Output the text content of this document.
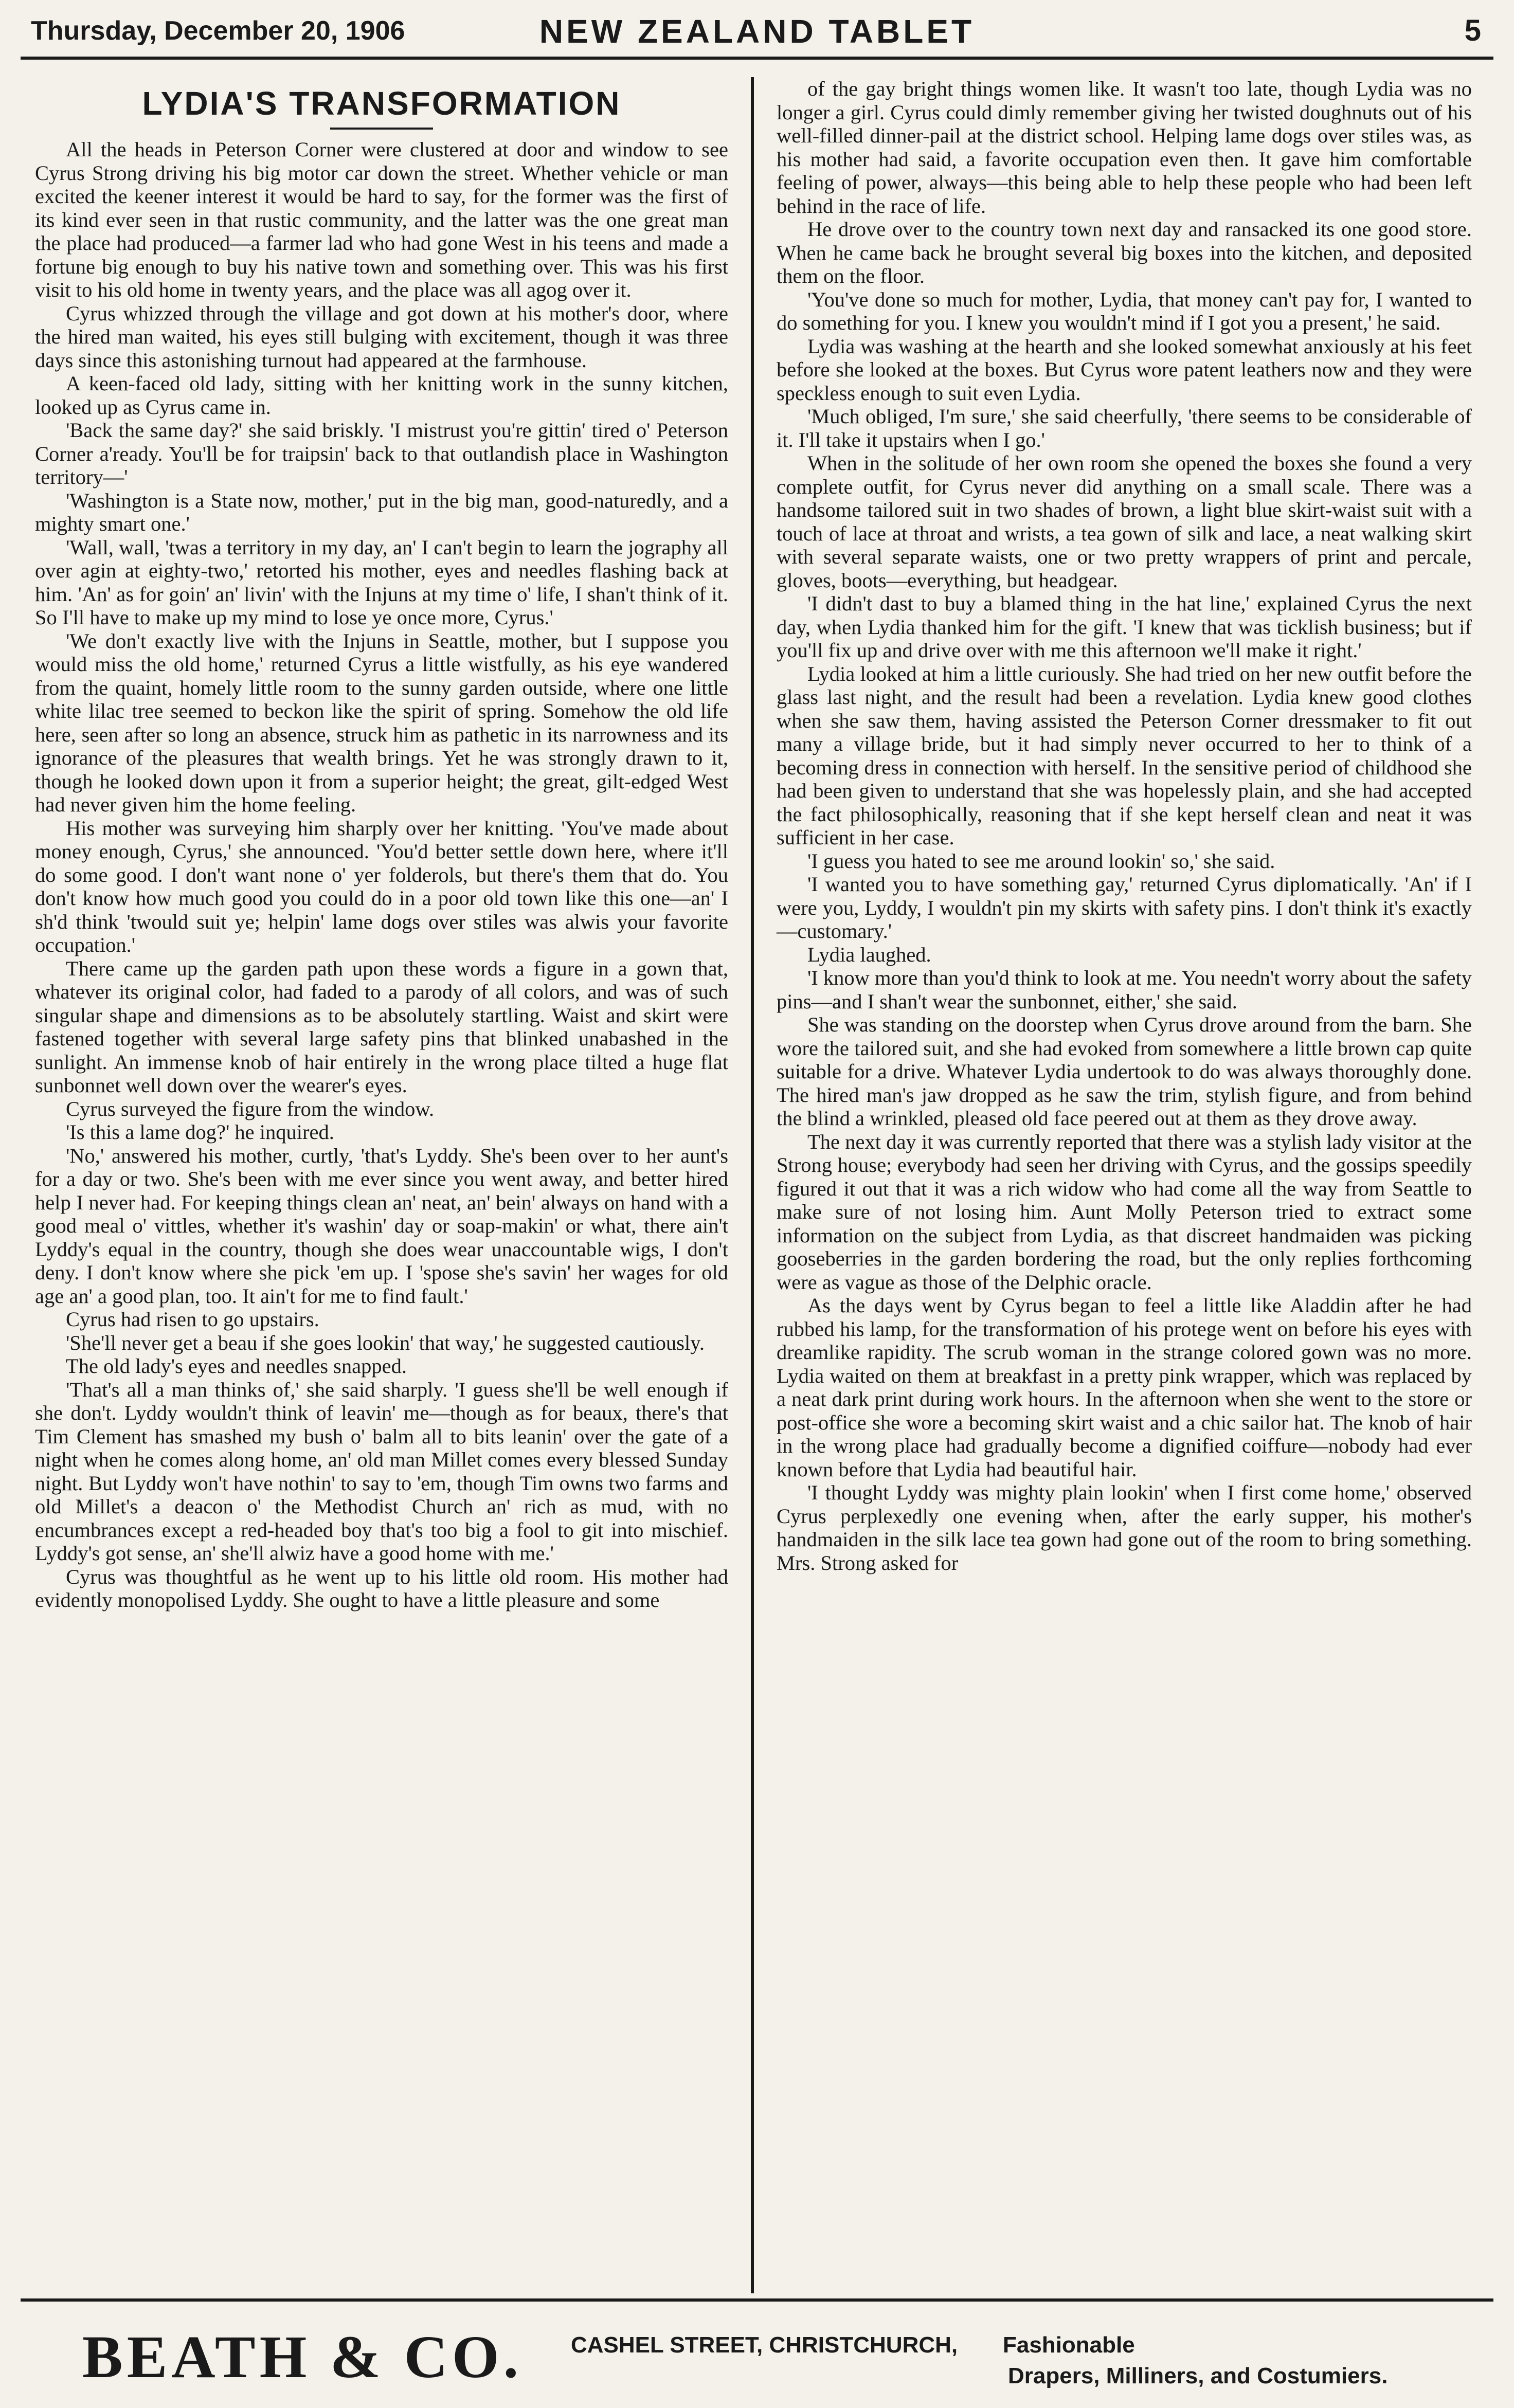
Thursday, December 20, 1906	NEW ZEALAND TABLET	5
LYDIA'S TRANSFORMATION

All the heads in Peterson Corner were clustered at door and window to see Cyrus Strong driving his big motor car down the street. Whether vehicle or man excited the keener interest it would be hard to say, for the former was the first of its kind ever seen in that rustic community, and the latter was the one great man the place had produced—a farmer lad who had gone West in his teens and made a fortune big enough to buy his native town and something over. This was his first visit to his old home in twenty years, and the place was all agog over it.

Cyrus whizzed through the village and got down at his mother's door, where the hired man waited, his eyes still bulging with excitement, though it was three days since this astonishing turnout had appeared at the farmhouse.

A keen-faced old lady, sitting with her knitting work in the sunny kitchen, looked up as Cyrus came in.

'Back the same day?' she said briskly. 'I mistrust you're gittin' tired o' Peterson Corner a'ready. You'll be for traipsin' back to that outlandish place in Washington territory—'

'Washington is a State now, mother,' put in the big man, good-naturedly, and a mighty smart one.'

'Wall, wall, 'twas a territory in my day, an' I can't begin to learn the jography all over agin at eighty-two,' retorted his mother, eyes and needles flashing back at him. 'An' as for goin' an' livin' with the Injuns at my time o' life, I shan't think of it. So I'll have to make up my mind to lose ye once more, Cyrus.'

'We don't exactly live with the Injuns in Seattle, mother, but I suppose you would miss the old home,' returned Cyrus a little wistfully, as his eye wandered from the quaint, homely little room to the sunny garden outside, where one little white lilac tree seemed to beckon like the spirit of spring. Somehow the old life here, seen after so long an absence, struck him as pathetic in its narrowness and its ignorance of the pleasures that wealth brings. Yet he was strongly drawn to it, though he looked down upon it from a superior height; the great, gilt-edged West had never given him the home feeling.

His mother was surveying him sharply over her knitting. 'You've made about money enough, Cyrus,' she announced. 'You'd better settle down here, where it'll do some good. I don't want none o' yer folderols, but there's them that do. You don't know how much good you could do in a poor old town like this one—an' I sh'd think 'twould suit ye; helpin' lame dogs over stiles was alwis your favorite occupation.'

There came up the garden path upon these words a figure in a gown that, whatever its original color, had faded to a parody of all colors, and was of such singular shape and dimensions as to be absolutely startling. Waist and skirt were fastened together with several large safety pins that blinked unabashed in the sunlight. An immense knob of hair entirely in the wrong place tilted a huge flat sunbonnet well down over the wearer's eyes.

Cyrus surveyed the figure from the window.

'Is this a lame dog?' he inquired.

'No,' answered his mother, curtly, 'that's Lyddy. She's been over to her aunt's for a day or two. She's been with me ever since you went away, and better hired help I never had. For keeping things clean an' neat, an' bein' always on hand with a good meal o' vittles, whether it's washin' day or soap-makin' or what, there ain't Lyddy's equal in the country, though she does wear unaccountable wigs, I don't deny. I don't know where she pick 'em up. I 'spose she's savin' her wages for old age an' a good plan, too. It ain't for me to find fault.'

Cyrus had risen to go upstairs.

'She'll never get a beau if she goes lookin' that way,' he suggested cautiously.

The old lady's eyes and needles snapped.

'That's all a man thinks of,' she said sharply. 'I guess she'll be well enough if she don't. Lyddy wouldn't think of leavin' me—though as for beaux, there's that Tim Clement has smashed my bush o' balm all to bits leanin' over the gate of a night when he comes along home, an' old man Millet comes every blessed Sunday night. But Lyddy won't have nothin' to say to 'em, though Tim owns two farms and old Millet's a deacon o' the Methodist Church an' rich as mud, with no encumbrances except a red-headed boy that's too big a fool to git into mischief. Lyddy's got sense, an' she'll alwiz have a good home with me.'

Cyrus was thoughtful as he went up to his little old room. His mother had evidently monopolised Lyddy. She ought to have a little pleasure and some

of the gay bright things women like. It wasn't too late, though Lydia was no longer a girl. Cyrus could dimly remember giving her twisted doughnuts out of his well-filled dinner-pail at the district school. Helping lame dogs over stiles was, as his mother had said, a favorite occupation even then. It gave him comfortable feeling of power, always—this being able to help these people who had been left behind in the race of life.

He drove over to the country town next day and ransacked its one good store. When he came back he brought several big boxes into the kitchen, and deposited them on the floor.

'You've done so much for mother, Lydia, that money can't pay for, I wanted to do something for you. I knew you wouldn't mind if I got you a present,' he said.

Lydia was washing at the hearth and she looked somewhat anxiously at his feet before she looked at the boxes. But Cyrus wore patent leathers now and they were speckless enough to suit even Lydia.

'Much obliged, I'm sure,' she said cheerfully, 'there seems to be considerable of it. I'll take it upstairs when I go.'

When in the solitude of her own room she opened the boxes she found a very complete outfit, for Cyrus never did anything on a small scale. There was a handsome tailored suit in two shades of brown, a light blue skirt-waist suit with a touch of lace at throat and wrists, a tea gown of silk and lace, a neat walking skirt with several separate waists, one or two pretty wrappers of print and percale, gloves, boots—everything, but headgear.

'I didn't dast to buy a blamed thing in the hat line,' explained Cyrus the next day, when Lydia thanked him for the gift. 'I knew that was ticklish business; but if you'll fix up and drive over with me this afternoon we'll make it right.'

Lydia looked at him a little curiously. She had tried on her new outfit before the glass last night, and the result had been a revelation. Lydia knew good clothes when she saw them, having assisted the Peterson Corner dressmaker to fit out many a village bride, but it had simply never occurred to her to think of a becoming dress in connection with herself. In the sensitive period of childhood she had been given to understand that she was hopelessly plain, and she had accepted the fact philosophically, reasoning that if she kept herself clean and neat it was sufficient in her case.

'I guess you hated to see me around lookin' so,' she said.

'I wanted you to have something gay,' returned Cyrus diplomatically. 'An' if I were you, Lyddy, I wouldn't pin my skirts with safety pins. I don't think it's exactly—customary.'

Lydia laughed.

'I know more than you'd think to look at me. You needn't worry about the safety pins—and I shan't wear the sunbonnet, either,' she said.

She was standing on the doorstep when Cyrus drove around from the barn. She wore the tailored suit, and she had evoked from somewhere a little brown cap quite suitable for a drive. Whatever Lydia undertook to do was always thoroughly done. The hired man's jaw dropped as he saw the trim, stylish figure, and from behind the blind a wrinkled, pleased old face peered out at them as they drove away.

The next day it was currently reported that there was a stylish lady visitor at the Strong house; everybody had seen her driving with Cyrus, and the gossips speedily figured it out that it was a rich widow who had come all the way from Seattle to make sure of not losing him. Aunt Molly Peterson tried to extract some information on the subject from Lydia, as that discreet handmaiden was picking gooseberries in the garden bordering the road, but the only replies forthcoming were as vague as those of the Delphic oracle.

As the days went by Cyrus began to feel a little like Aladdin after he had rubbed his lamp, for the transformation of his protege went on before his eyes with dreamlike rapidity. The scrub woman in the strange colored gown was no more. Lydia waited on them at breakfast in a pretty pink wrapper, which was replaced by a neat dark print during work hours. In the afternoon when she went to the store or post-office she wore a becoming skirt waist and a chic sailor hat. The knob of hair in the wrong place had gradually become a dignified coiffure—nobody had ever known before that Lydia had beautiful hair.

'I thought Lyddy was mighty plain lookin' when I first come home,' observed Cyrus perplexedly one evening when, after the early supper, his mother's handmaiden in the silk lace tea gown had gone out of the room to bring something. Mrs. Strong asked for

BEATH & CO. CASHEL STREET, CHRISTCHURCH, Fashionable
Drapers, Milliners, and Costumiers.
